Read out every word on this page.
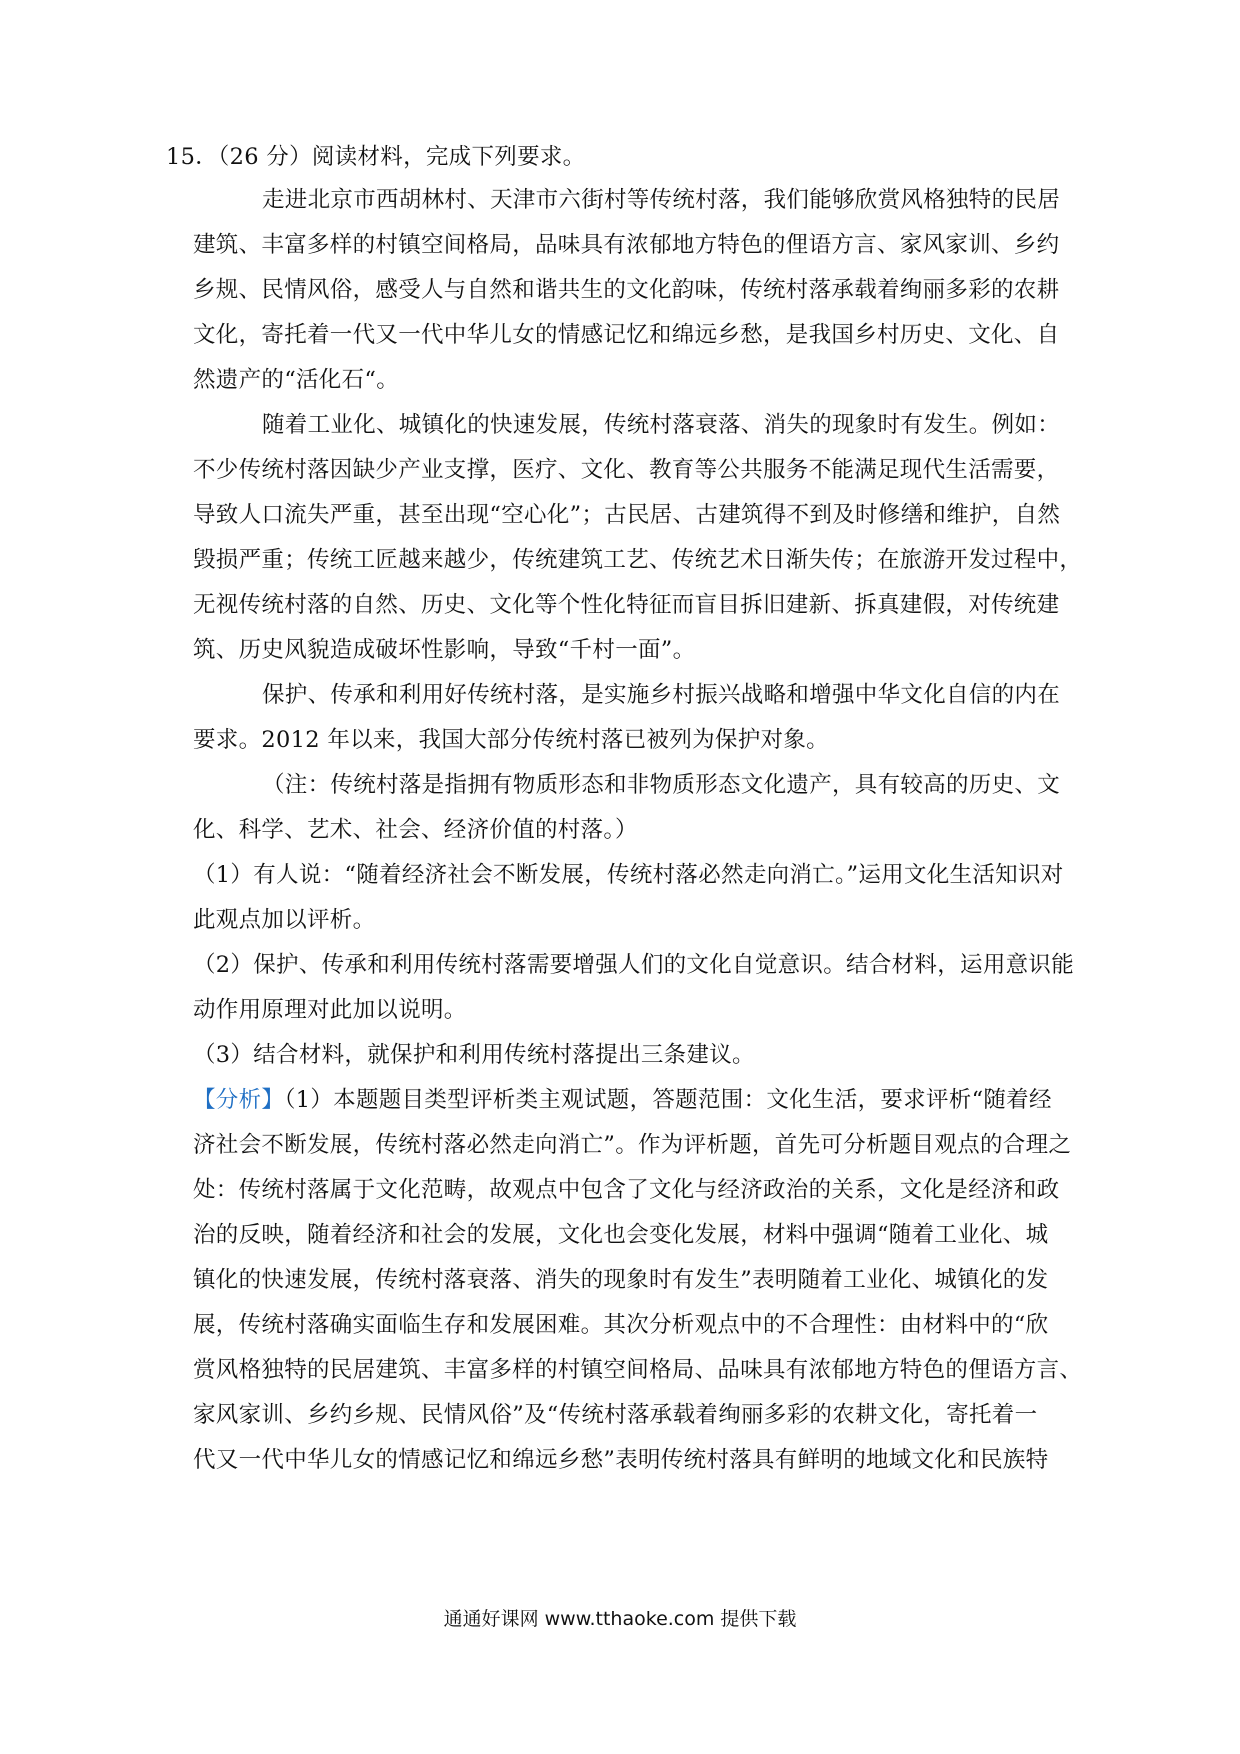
15．（26 分）阅读材料，完成下列要求。
走进北京市西胡林村、天津市六街村等传统村落，我们能够欣赏风格独特的民居
建筑、丰富多样的村镇空间格局，品味具有浓郁地方特色的俚语方言、家风家训、乡约
乡规、民情风俗，感受人与自然和谐共生的文化韵味，传统村落承载着绚丽多彩的农耕
文化，寄托着一代又一代中华儿女的情感记忆和绵远乡愁，是我国乡村历史、文化、自
然遗产的“活化石“。
随着工业化、城镇化的快速发展，传统村落衰落、消失的现象时有发生。例如：
不少传统村落因缺少产业支撑，医疗、文化、教育等公共服务不能满足现代生活需要，
导致人口流失严重，甚至出现“空心化”；古民居、古建筑得不到及时修缮和维护，自然
毁损严重；传统工匠越来越少，传统建筑工艺、传统艺术日渐失传；在旅游开发过程中，
无视传统村落的自然、历史、文化等个性化特征而盲目拆旧建新、拆真建假，对传统建
筑、历史风貌造成破坏性影响，导致“千村一面”。
保护、传承和利用好传统村落，是实施乡村振兴战略和增强中华文化自信的内在
要求。2012 年以来，我国大部分传统村落已被列为保护对象。
（注：传统村落是指拥有物质形态和非物质形态文化遗产，具有较高的历史、文
化、科学、艺术、社会、经济价值的村落。）
（1）有人说：“随着经济社会不断发展，传统村落必然走向消亡。”运用文化生活知识对
此观点加以评析。
（2）保护、传承和利用传统村落需要增强人们的文化自觉意识。结合材料，运用意识能
动作用原理对此加以说明。
（3）结合材料，就保护和利用传统村落提出三条建议。
【分析】（1）本题题目类型评析类主观试题，答题范围：文化生活，要求评析“随着经
济社会不断发展，传统村落必然走向消亡”。作为评析题，首先可分析题目观点的合理之
处：传统村落属于文化范畴，故观点中包含了文化与经济政治的关系，文化是经济和政
治的反映，随着经济和社会的发展，文化也会变化发展，材料中强调“随着工业化、城
镇化的快速发展，传统村落衰落、消失的现象时有发生”表明随着工业化、城镇化的发
展，传统村落确实面临生存和发展困难。其次分析观点中的不合理性：由材料中的“欣
赏风格独特的民居建筑、丰富多样的村镇空间格局、品味具有浓郁地方特色的俚语方言、
家风家训、乡约乡规、民情风俗”及“传统村落承载着绚丽多彩的农耕文化，寄托着一
代又一代中华儿女的情感记忆和绵远乡愁”表明传统村落具有鲜明的地域文化和民族特
通通好课网 www.tthaoke.com 提供下载
